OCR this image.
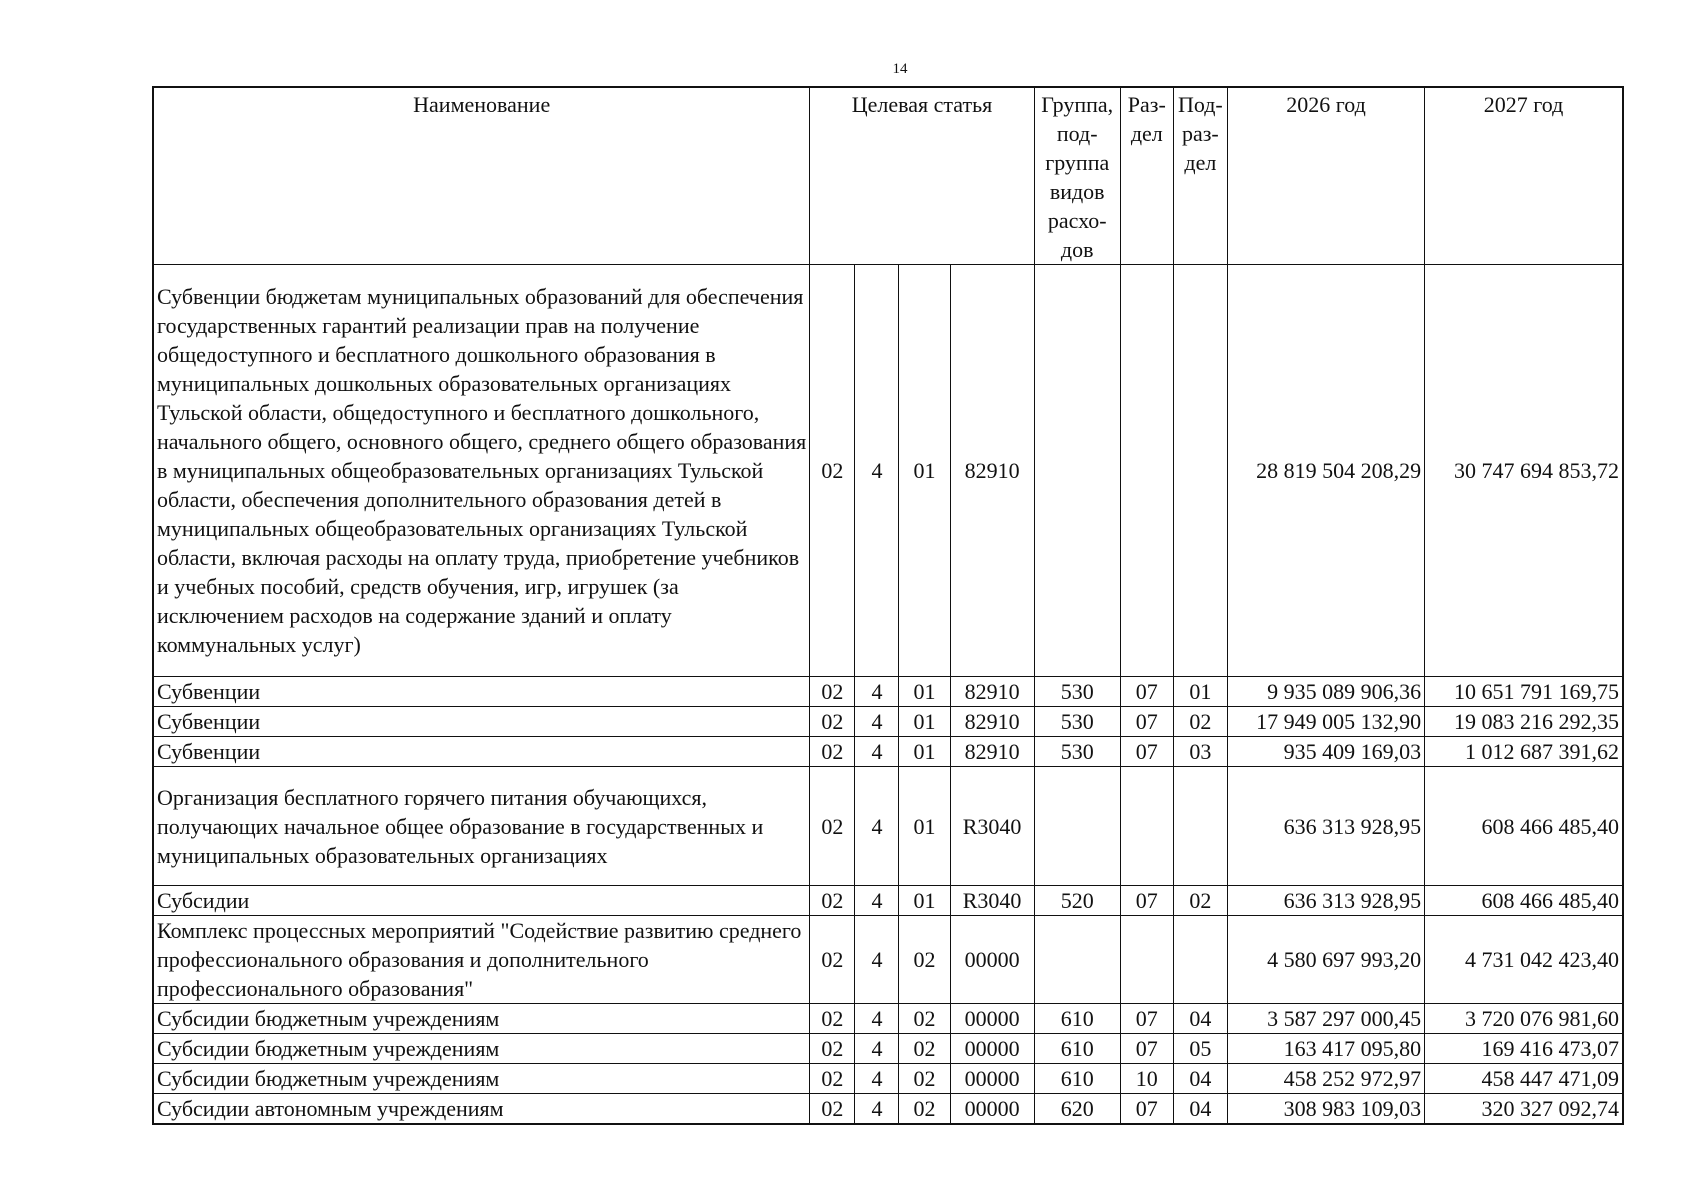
14
Наименование	Целевая статья				Группа, под-группа видов расхо-дов	Раз-дел	Под-раз-дел	2026 год	2027 год
Субвенции бюджетам муниципальных образований для обеспечения государственных гарантий реализации прав на получение общедоступного и бесплатного дошкольного образования в муниципальных дошкольных образовательных организациях Тульской области, общедоступного и бесплатного дошкольного, начального общего, основного общего, среднего общего образования в муниципальных общеобразовательных организациях Тульской области, обеспечения дополнительного образования детей в муниципальных общеобразовательных организациях Тульской области, включая расходы на оплату труда, приобретение учебников и учебных пособий, средств обучения, игр, игрушек (за исключением расходов на содержание зданий и оплату коммунальных услуг)	02	4	01	82910				28 819 504 208,29	30 747 694 853,72
Субвенции	02	4	01	82910	530	07	01	9 935 089 906,36	10 651 791 169,75
Субвенции	02	4	01	82910	530	07	02	17 949 005 132,90	19 083 216 292,35
Субвенции	02	4	01	82910	530	07	03	935 409 169,03	1 012 687 391,62
Организация бесплатного горячего питания обучающихся, получающих начальное общее образование в государственных и муниципальных образовательных организациях	02	4	01	R3040				636 313 928,95	608 466 485,40
Субсидии	02	4	01	R3040	520	07	02	636 313 928,95	608 466 485,40
Комплекс процессных мероприятий "Содействие развитию среднего профессионального образования и дополнительного профессионального образования"	02	4	02	00000				4 580 697 993,20	4 731 042 423,40
Субсидии бюджетным учреждениям	02	4	02	00000	610	07	04	3 587 297 000,45	3 720 076 981,60
Субсидии бюджетным учреждениям	02	4	02	00000	610	07	05	163 417 095,80	169 416 473,07
Субсидии бюджетным учреждениям	02	4	02	00000	610	10	04	458 252 972,97	458 447 471,09
Субсидии автономным учреждениям	02	4	02	00000	620	07	04	308 983 109,03	320 327 092,74
